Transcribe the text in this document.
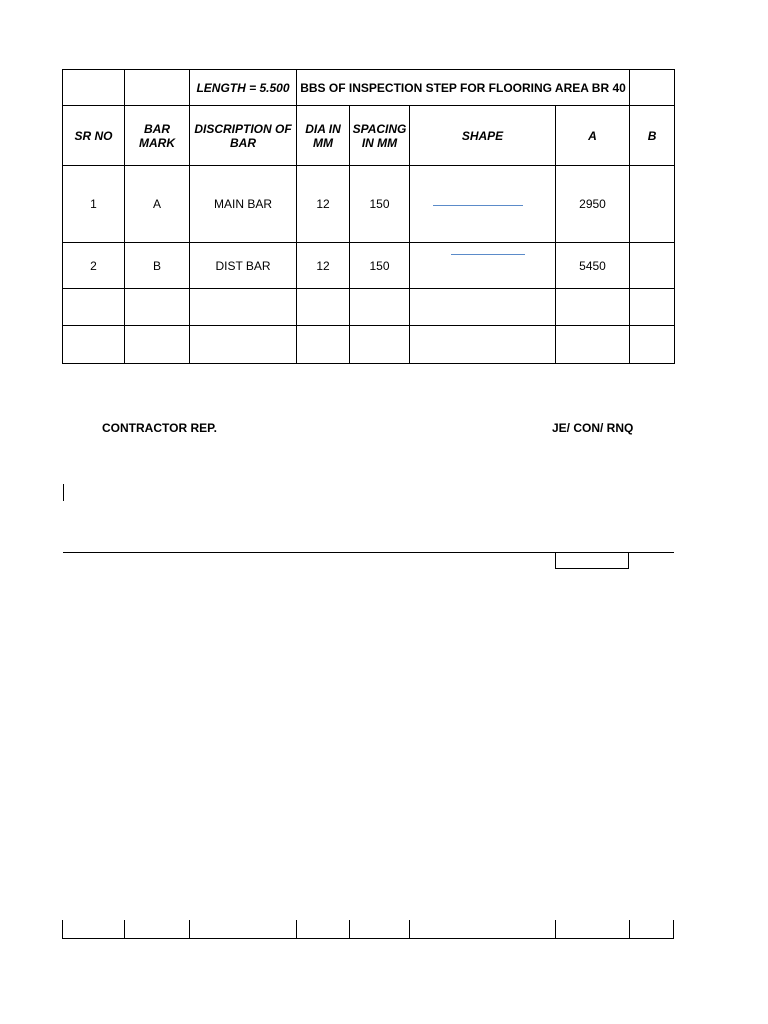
		LENGTH = 5.500	BBS OF INSPECTION STEP FOR FLOORING AREA BR 40				
SR NO	BAR MARK	DISCRIPTION OF BAR	DIA IN MM	SPACING IN MM	SHAPE	A	B
1	A	MAIN BAR	12	150		2950	
2	B	DIST BAR	12	150		5450	

CONTRACTOR REP.	JE/ CON/ RNQ
